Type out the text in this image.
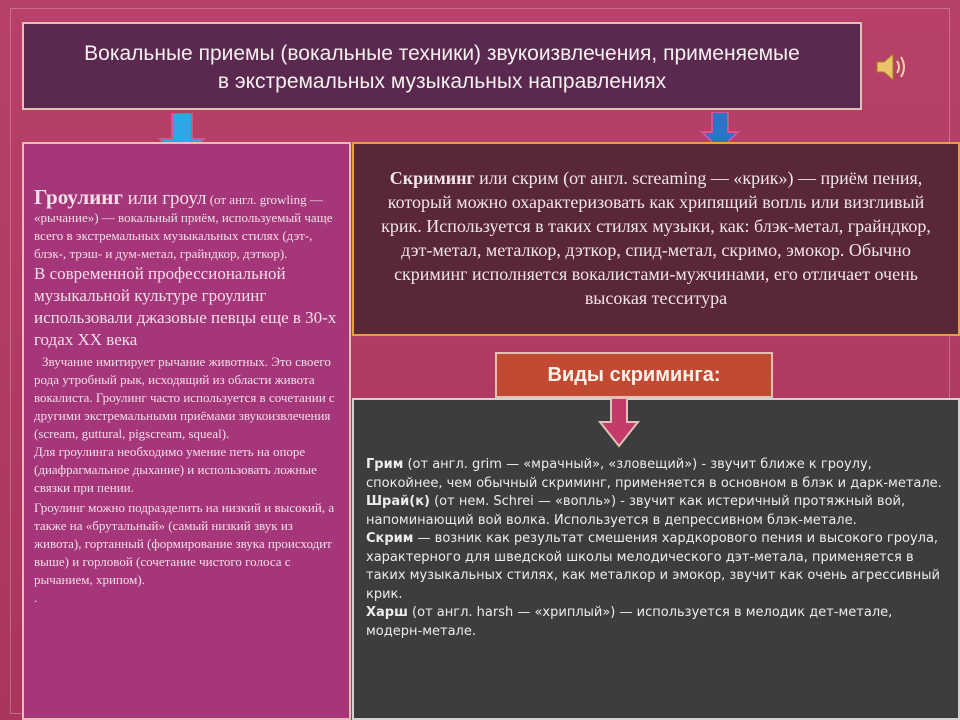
Вокальные приемы (вокальные техники) звукоизвлечения, применяемые
в экстремальных музыкальных направлениях
Гроулинг или гроул (от англ. growling — «рычание») — вокальный приём, используемый чаще всего в экстремальных музыкальных стилях (дэт-, блэк-, трэш- и дум-метал, грайндкор, дэткор).
В современной профессиональной музыкальной культуре гроулинг использовали джазовые певцы еще в 30-х годах XX века
Звучание имитирует рычание животных. Это своего рода утробный рык, исходящий из области живота вокалиста. Гроулинг часто используется в сочетании с другими экстремальными приёмами звукоизвлечения (scream, guttural, pigscream, squeal).
Для гроулинга необходимо умение петь на опоре (диафрагмальное дыхание) и использовать ложные связки при пении.
Гроулинг можно подразделить на низкий и высокий, а также на «брутальный» (самый низкий звук из живота), гортанный (формирование звука происходит выше) и горловой (сочетание чистого голоса с рычанием, хрипом).
.
Скриминг или скрим (от англ. screaming — «крик») — приём пения, который можно охарактеризовать как хрипящий вопль или визгливый крик. Используется в таких стилях музыки, как: блэк-метал, грайндкор, дэт-метал, металкор, дэткор, спид-метал, скримо, эмокор. Обычно скриминг исполняется вокалистами-мужчинами, его отличает очень высокая тесситура
Виды скриминга:
Грим (от англ. grim — «мрачный», «зловещий») - звучит ближе к гроулу, спокойнее, чем обычный скриминг, применяется в основном в блэк и дарк-метале.
Шрай(к) (от нем. Schrei — «вопль») - звучит как истеричный протяжный вой, напоминающий вой волка. Используется в депрессивном блэк-метале.
Скрим — возник как результат смешения хардкорового пения и высокого гроула, характерного для шведской школы мелодического дэт-метала, применяется в таких музыкальных стилях, как металкор и эмокор, звучит как очень агрессивный крик.
Харш (от англ. harsh — «хриплый») — используется в мелодик дет-метале, модерн-метале.
